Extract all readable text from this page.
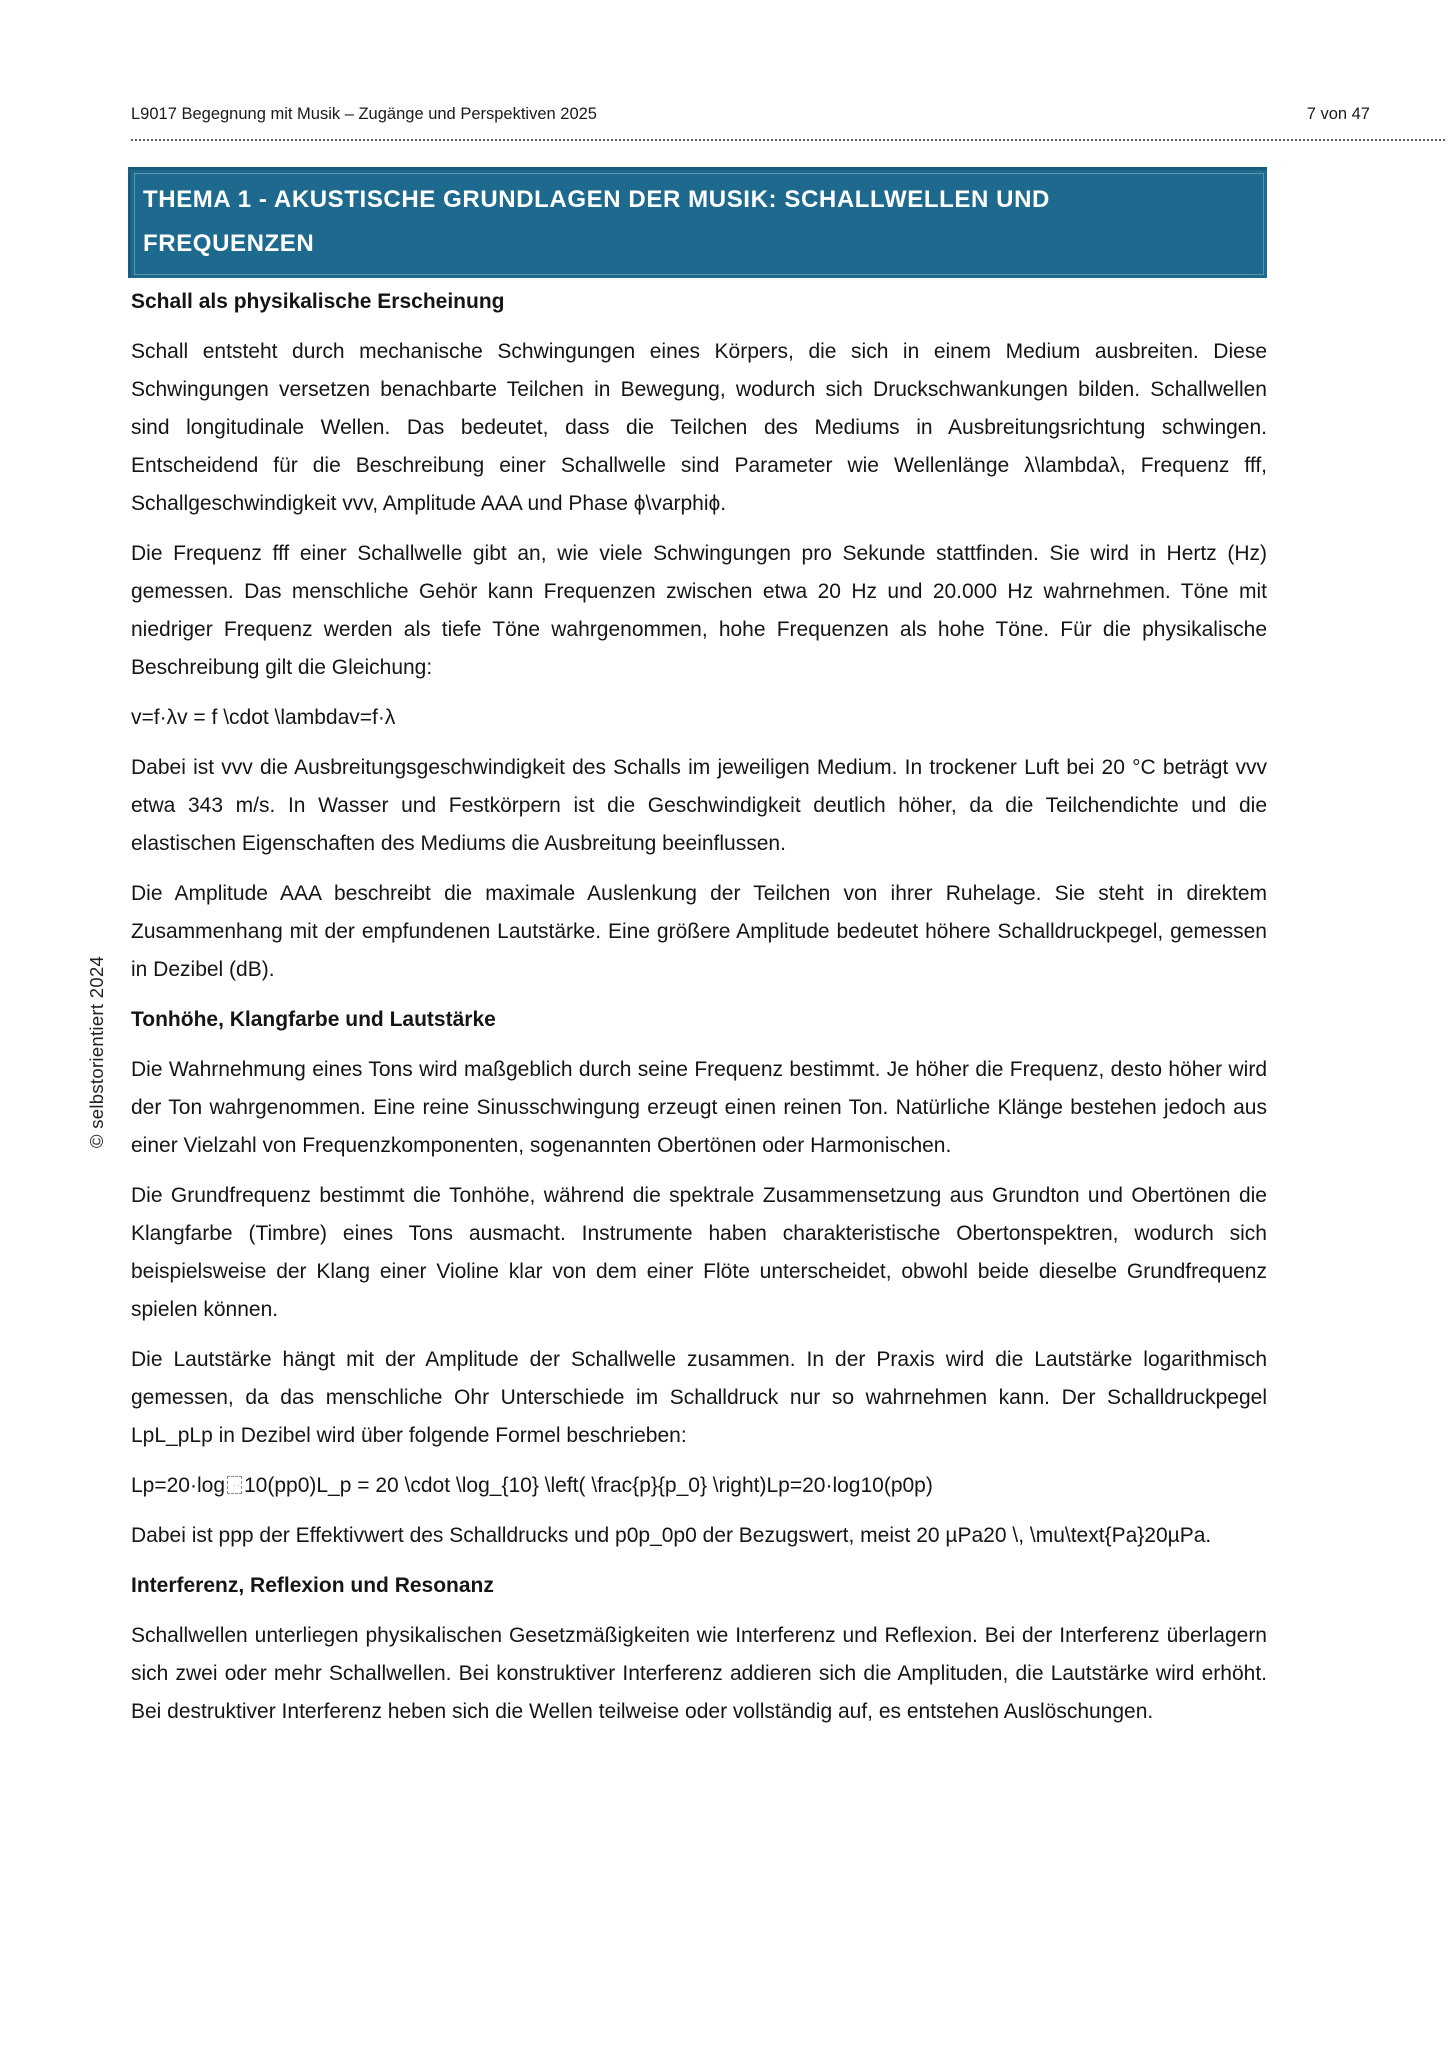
L9017 Begegnung mit Musik – Zugänge und Perspektiven 2025	7 von 47
THEMA 1 - AKUSTISCHE GRUNDLAGEN DER MUSIK: SCHALLWELLEN UND
FREQUENZEN
© selbstorientiert 2024
Schall als physikalische Erscheinung

Schall entsteht durch mechanische Schwingungen eines Körpers, die sich in einem Medium ausbreiten. Diese Schwingungen versetzen benachbarte Teilchen in Bewegung, wodurch sich Druckschwankungen bilden. Schallwellen sind longitudinale Wellen. Das bedeutet, dass die Teilchen des Mediums in Ausbreitungsrichtung schwingen. Entscheidend für die Beschreibung einer Schallwelle sind Parameter wie Wellenlänge λ\lambdaλ, Frequenz fff, Schallgeschwindigkeit vvv, Amplitude AAA und Phase ϕ\varphiϕ.

Die Frequenz fff einer Schallwelle gibt an, wie viele Schwingungen pro Sekunde stattfinden. Sie wird in Hertz (Hz) gemessen. Das menschliche Gehör kann Frequenzen zwischen etwa 20 Hz und 20.000 Hz wahrnehmen. Töne mit niedriger Frequenz werden als tiefe Töne wahrgenommen, hohe Frequenzen als hohe Töne. Für die physikalische Beschreibung gilt die Gleichung:

v=f·λv = f \cdot \lambdav=f·λ

Dabei ist vvv die Ausbreitungsgeschwindigkeit des Schalls im jeweiligen Medium. In trockener Luft bei 20 °C beträgt vvv etwa 343 m/s. In Wasser und Festkörpern ist die Geschwindigkeit deutlich höher, da die Teilchendichte und die elastischen Eigenschaften des Mediums die Ausbreitung beeinflussen.

Die Amplitude AAA beschreibt die maximale Auslenkung der Teilchen von ihrer Ruhelage. Sie steht in direktem Zusammenhang mit der empfundenen Lautstärke. Eine größere Amplitude bedeutet höhere Schalldruckpegel, gemessen in Dezibel (dB).

Tonhöhe, Klangfarbe und Lautstärke

Die Wahrnehmung eines Tons wird maßgeblich durch seine Frequenz bestimmt. Je höher die Frequenz, desto höher wird der Ton wahrgenommen. Eine reine Sinusschwingung erzeugt einen reinen Ton. Natürliche Klänge bestehen jedoch aus einer Vielzahl von Frequenzkomponenten, sogenannten Obertönen oder Harmonischen.

Die Grundfrequenz bestimmt die Tonhöhe, während die spektrale Zusammensetzung aus Grundton und Obertönen die Klangfarbe (Timbre) eines Tons ausmacht. Instrumente haben charakteristische Obertonspektren, wodurch sich beispielsweise der Klang einer Violine klar von dem einer Flöte unterscheidet, obwohl beide dieselbe Grundfrequenz spielen können.

Die Lautstärke hängt mit der Amplitude der Schallwelle zusammen. In der Praxis wird die Lautstärke logarithmisch gemessen, da das menschliche Ohr Unterschiede im Schalldruck nur so wahrnehmen kann. Der Schalldruckpegel LpL_pLp in Dezibel wird über folgende Formel beschrieben:

Lp=20·log 10(pp0)L_p = 20 \cdot \log_{10} \left( \frac{p}{p_0} \right)Lp=20·log10(p0p)

Dabei ist ppp der Effektivwert des Schalldrucks und p0p_0p0 der Bezugswert, meist 20 µPa20 \, \mu\text{Pa}20µPa.

Interferenz, Reflexion und Resonanz

Schallwellen unterliegen physikalischen Gesetzmäßigkeiten wie Interferenz und Reflexion. Bei der Interferenz überlagern sich zwei oder mehr Schallwellen. Bei konstruktiver Interferenz addieren sich die Amplituden, die Lautstärke wird erhöht. Bei destruktiver Interferenz heben sich die Wellen teilweise oder vollständig auf, es entstehen Auslöschungen.
